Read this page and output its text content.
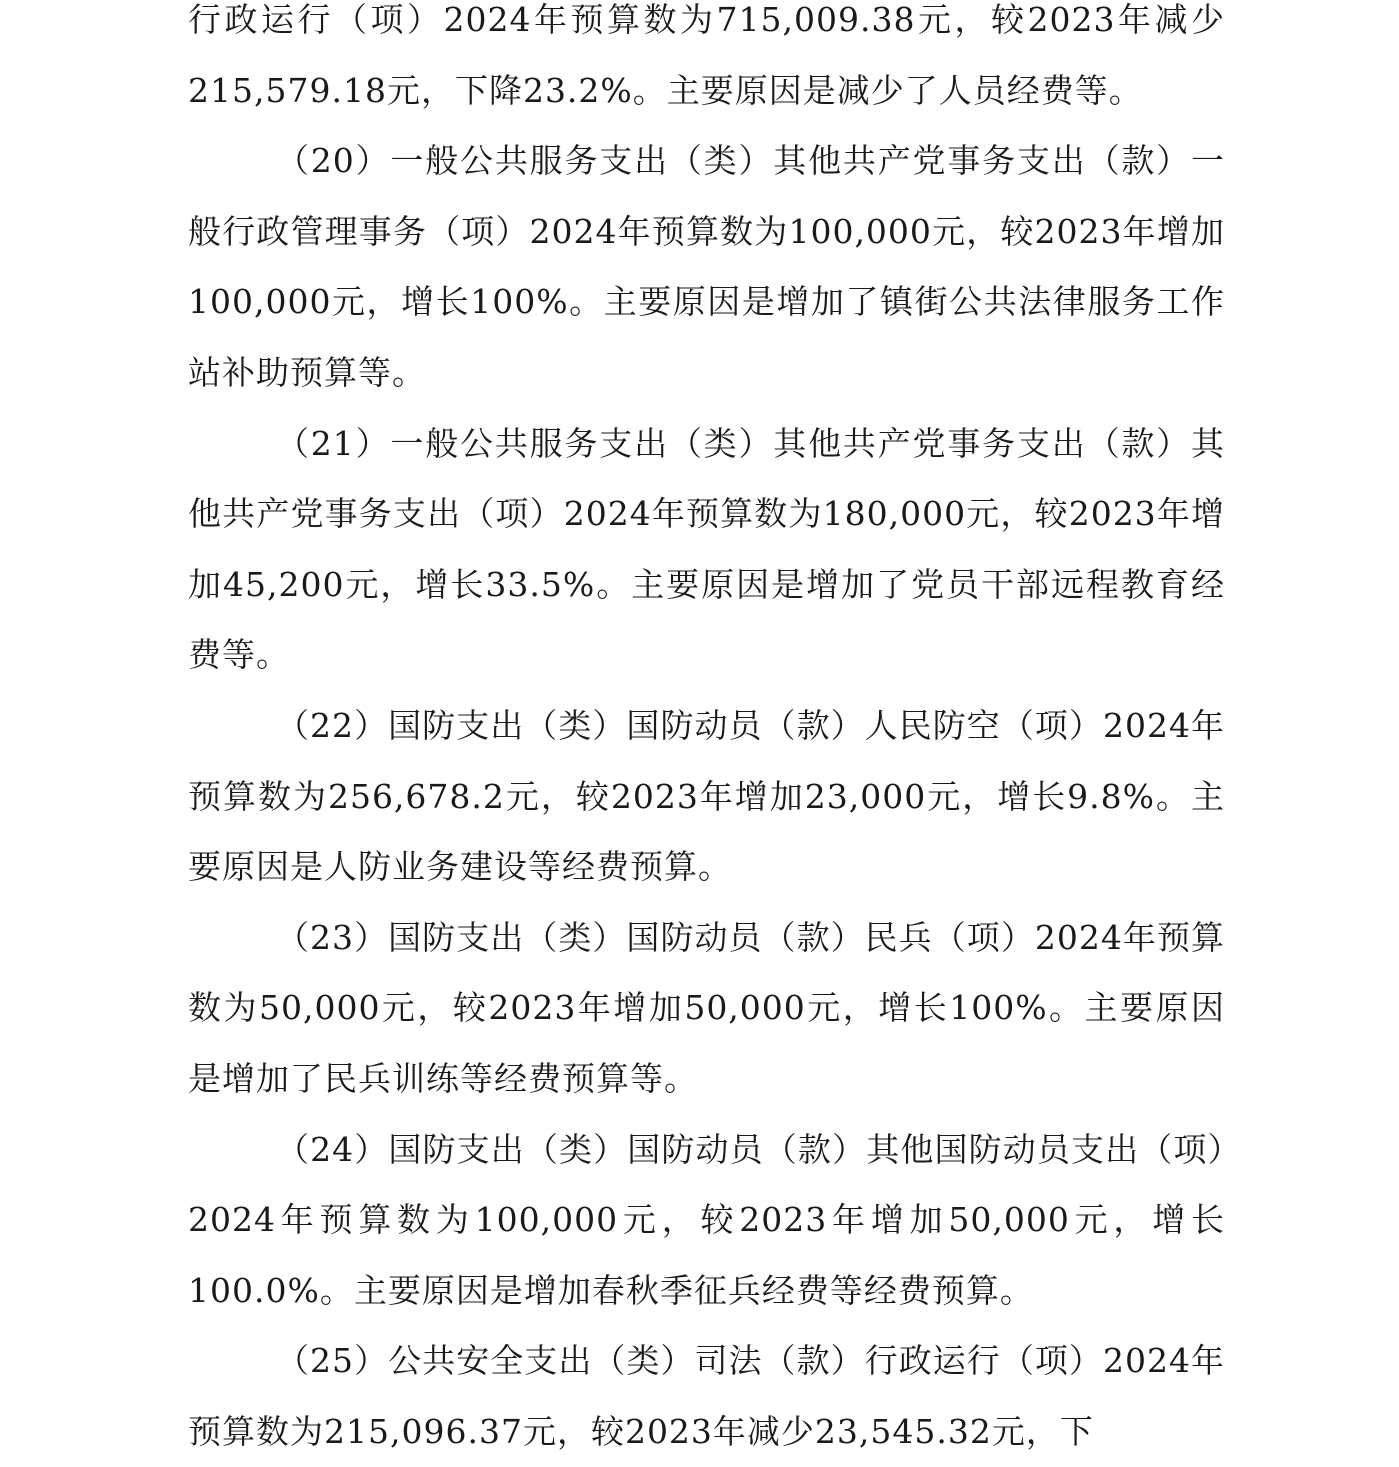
行政运行（项）2024年预算数为715,009.38元，较2023年减少215,579.18元，下降23.2%。主要原因是减少了人员经费等。

（20）一般公共服务支出（类）其他共产党事务支出（款）一般行政管理事务（项）2024年预算数为100,000元，较2023年增加100,000元，增长100%。主要原因是增加了镇街公共法律服务工作站补助预算等。

（21）一般公共服务支出（类）其他共产党事务支出（款）其他共产党事务支出（项）2024年预算数为180,000元，较2023年增加45,200元，增长33.5%。主要原因是增加了党员干部远程教育经费等。

（22）国防支出（类）国防动员（款）人民防空（项）2024年预算数为256,678.2元，较2023年增加23,000元，增长9.8%。主要原因是人防业务建设等经费预算。

（23）国防支出（类）国防动员（款）民兵（项）2024年预算数为50,000元，较2023年增加50,000元，增长100%。主要原因是增加了民兵训练等经费预算等。

（24）国防支出（类）国防动员（款）其他国防动员支出（项）2024年预算数为100,000元，较2023年增加50,000元，增长100.0%。主要原因是增加春秋季征兵经费等经费预算。

（25）公共安全支出（类）司法（款）行政运行（项）2024年预算数为215,096.37元，较2023年减少23,545.32元，下
